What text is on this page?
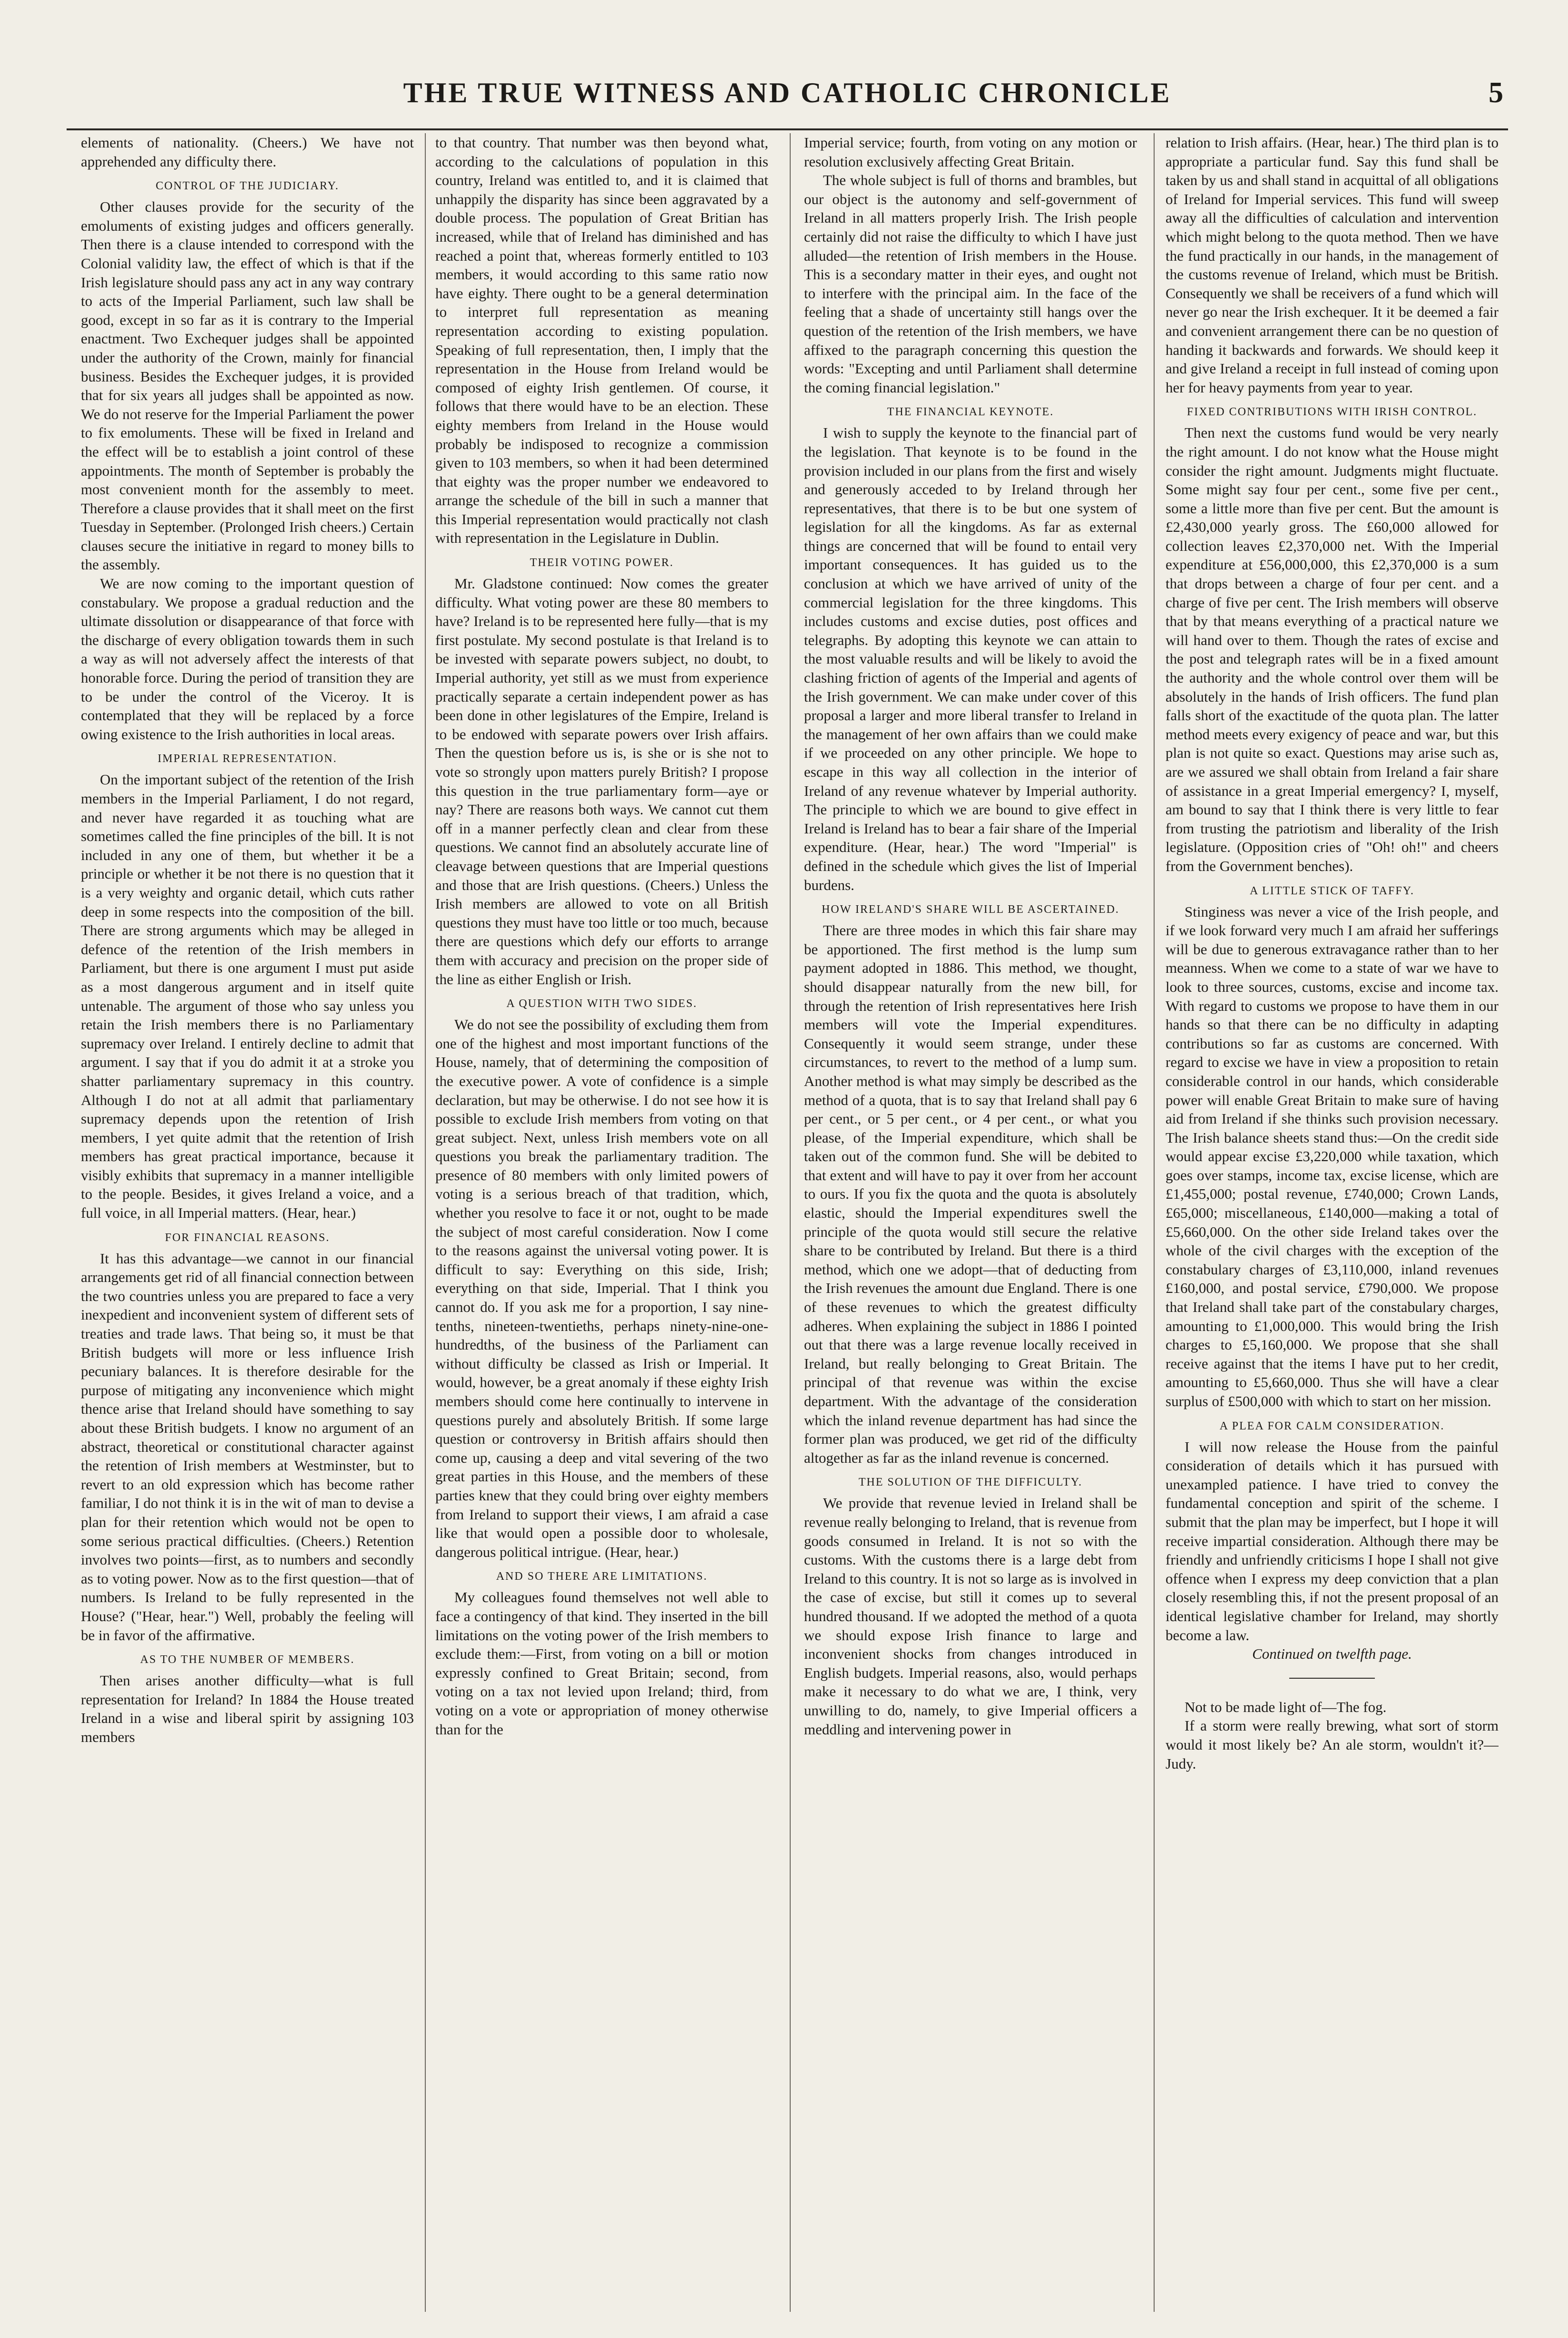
THE TRUE WITNESS AND CATHOLIC CHRONICLE	5

elements of nationality. (Cheers.) We have not apprehended any difficulty there.

CONTROL OF THE JUDICIARY.

Other clauses provide for the security of the emoluments of existing judges and officers generally. Then there is a clause intended to correspond with the Colonial validity law, the effect of which is that if the Irish legislature should pass any act in any way contrary to acts of the Imperial Parliament, such law shall be good, except in so far as it is contrary to the Imperial enactment. Two Exchequer judges shall be appointed under the authority of the Crown, mainly for financial business. Besides the Exchequer judges, it is provided that for six years all judges shall be appointed as now. We do not reserve for the Imperial Parliament the power to fix emoluments. These will be fixed in Ireland and the effect will be to establish a joint control of these appointments. The month of September is probably the most convenient month for the assembly to meet. Therefore a clause provides that it shall meet on the first Tuesday in September. (Prolonged Irish cheers.) Certain clauses secure the initiative in regard to money bills to the assembly.

We are now coming to the important question of constabulary. We propose a gradual reduction and the ultimate dissolution or disappearance of that force with the discharge of every obligation towards them in such a way as will not adversely affect the interests of that honorable force. During the period of transition they are to be under the control of the Viceroy. It is contemplated that they will be replaced by a force owing existence to the Irish authorities in local areas.

IMPERIAL REPRESENTATION.

On the important subject of the retention of the Irish members in the Imperial Parliament, I do not regard, and never have regarded it as touching what are sometimes called the fine principles of the bill. It is not included in any one of them, but whether it be a principle or whether it be not there is no question that it is a very weighty and organic detail, which cuts rather deep in some respects into the composition of the bill. There are strong arguments which may be alleged in defence of the retention of the Irish members in Parliament, but there is one argument I must put aside as a most dangerous argument and in itself quite untenable. The argument of those who say unless you retain the Irish members there is no Parliamentary supremacy over Ireland. I entirely decline to admit that argument. I say that if you do admit it at a stroke you shatter parliamentary supremacy in this country. Although I do not at all admit that parliamentary supremacy depends upon the retention of Irish members, I yet quite admit that the retention of Irish members has great practical importance, because it visibly exhibits that supremacy in a manner intelligible to the people. Besides, it gives Ireland a voice, and a full voice, in all Imperial matters. (Hear, hear.)

FOR FINANCIAL REASONS.

It has this advantage—we cannot in our financial arrangements get rid of all financial connection between the two countries unless you are prepared to face a very inexpedient and inconvenient system of different sets of treaties and trade laws. That being so, it must be that British budgets will more or less influence Irish pecuniary balances. It is therefore desirable for the purpose of mitigating any inconvenience which might thence arise that Ireland should have something to say about these British budgets. I know no argument of an abstract, theoretical or constitutional character against the retention of Irish members at Westminster, but to revert to an old expression which has become rather familiar, I do not think it is in the wit of man to devise a plan for their retention which would not be open to some serious practical difficulties. (Cheers.) Retention involves two points—first, as to numbers and secondly as to voting power. Now as to the first question—that of numbers. Is Ireland to be fully represented in the House? ("Hear, hear.") Well, probably the feeling will be in favor of the affirmative.

AS TO THE NUMBER OF MEMBERS.

Then arises another difficulty—what is full representation for Ireland? In 1884 the House treated Ireland in a wise and liberal spirit by assigning 103 members

to that country. That number was then beyond what, according to the calculations of population in this country, Ireland was entitled to, and it is claimed that unhappily the disparity has since been aggravated by a double process. The population of Great Britian has increased, while that of Ireland has diminished and has reached a point that, whereas formerly entitled to 103 members, it would according to this same ratio now have eighty. There ought to be a general determination to interpret full representation as meaning representation according to existing population. Speaking of full representation, then, I imply that the representation in the House from Ireland would be composed of eighty Irish gentlemen. Of course, it follows that there would have to be an election. These eighty members from Ireland in the House would probably be indisposed to recognize a commission given to 103 members, so when it had been determined that eighty was the proper number we endeavored to arrange the schedule of the bill in such a manner that this Imperial representation would practically not clash with representation in the Legislature in Dublin.

THEIR VOTING POWER.

Mr. Gladstone continued: Now comes the greater difficulty. What voting power are these 80 members to have? Ireland is to be represented here fully—that is my first postulate. My second postulate is that Ireland is to be invested with separate powers subject, no doubt, to Imperial authority, yet still as we must from experience practically separate a certain independent power as has been done in other legislatures of the Empire, Ireland is to be endowed with separate powers over Irish affairs. Then the question before us is, is she or is she not to vote so strongly upon matters purely British? I propose this question in the true parliamentary form—aye or nay? There are reasons both ways. We cannot cut them off in a manner perfectly clean and clear from these questions. We cannot find an absolutely accurate line of cleavage between questions that are Imperial questions and those that are Irish questions. (Cheers.) Unless the Irish members are allowed to vote on all British questions they must have too little or too much, because there are questions which defy our efforts to arrange them with accuracy and precision on the proper side of the line as either English or Irish.

A QUESTION WITH TWO SIDES.

We do not see the possibility of excluding them from one of the highest and most important functions of the House, namely, that of determining the composition of the executive power. A vote of confidence is a simple declaration, but may be otherwise. I do not see how it is possible to exclude Irish members from voting on that great subject. Next, unless Irish members vote on all questions you break the parliamentary tradition. The presence of 80 members with only limited powers of voting is a serious breach of that tradition, which, whether you resolve to face it or not, ought to be made the subject of most careful consideration. Now I come to the reasons against the universal voting power. It is difficult to say: Everything on this side, Irish; everything on that side, Imperial. That I think you cannot do. If you ask me for a proportion, I say nine-tenths, nineteen-twentieths, perhaps ninety-nine-one-hundredths, of the business of the Parliament can without difficulty be classed as Irish or Imperial. It would, however, be a great anomaly if these eighty Irish members should come here continually to intervene in questions purely and absolutely British. If some large question or controversy in British affairs should then come up, causing a deep and vital severing of the two great parties in this House, and the members of these parties knew that they could bring over eighty members from Ireland to support their views, I am afraid a case like that would open a possible door to wholesale, dangerous political intrigue. (Hear, hear.)

AND SO THERE ARE LIMITATIONS.

My colleagues found themselves not well able to face a contingency of that kind. They inserted in the bill limitations on the voting power of the Irish members to exclude them:—First, from voting on a bill or motion expressly confined to Great Britain; second, from voting on a tax not levied upon Ireland; third, from voting on a vote or appropriation of money otherwise than for the

Imperial service; fourth, from voting on any motion or resolution exclusively affecting Great Britain.

The whole subject is full of thorns and brambles, but our object is the autonomy and self-government of Ireland in all matters properly Irish. The Irish people certainly did not raise the difficulty to which I have just alluded—the retention of Irish members in the House. This is a secondary matter in their eyes, and ought not to interfere with the principal aim. In the face of the feeling that a shade of uncertainty still hangs over the question of the retention of the Irish members, we have affixed to the paragraph concerning this question the words: "Excepting and until Parliament shall determine the coming financial legislation."

THE FINANCIAL KEYNOTE.

I wish to supply the keynote to the financial part of the legislation. That keynote is to be found in the provision included in our plans from the first and wisely and generously acceded to by Ireland through her representatives, that there is to be but one system of legislation for all the kingdoms. As far as external things are concerned that will be found to entail very important consequences. It has guided us to the conclusion at which we have arrived of unity of the commercial legislation for the three kingdoms. This includes customs and excise duties, post offices and telegraphs. By adopting this keynote we can attain to the most valuable results and will be likely to avoid the clashing friction of agents of the Imperial and agents of the Irish government. We can make under cover of this proposal a larger and more liberal transfer to Ireland in the management of her own affairs than we could make if we proceeded on any other principle. We hope to escape in this way all collection in the interior of Ireland of any revenue whatever by Imperial authority. The principle to which we are bound to give effect in Ireland is Ireland has to bear a fair share of the Imperial expenditure. (Hear, hear.) The word "Imperial" is defined in the schedule which gives the list of Imperial burdens.

HOW IRELAND'S SHARE WILL BE ASCERTAINED.

There are three modes in which this fair share may be apportioned. The first method is the lump sum payment adopted in 1886. This method, we thought, should disappear naturally from the new bill, for through the retention of Irish representatives here Irish members will vote the Imperial expenditures. Consequently it would seem strange, under these circumstances, to revert to the method of a lump sum. Another method is what may simply be described as the method of a quota, that is to say that Ireland shall pay 6 per cent., or 5 per cent., or 4 per cent., or what you please, of the Imperial expenditure, which shall be taken out of the common fund. She will be debited to that extent and will have to pay it over from her account to ours. If you fix the quota and the quota is absolutely elastic, should the Imperial expenditures swell the principle of the quota would still secure the relative share to be contributed by Ireland. But there is a third method, which one we adopt—that of deducting from the Irish revenues the amount due England. There is one of these revenues to which the greatest difficulty adheres. When explaining the subject in 1886 I pointed out that there was a large revenue locally received in Ireland, but really belonging to Great Britain. The principal of that revenue was within the excise department. With the advantage of the consideration which the inland revenue department has had since the former plan was produced, we get rid of the difficulty altogether as far as the inland revenue is concerned.

THE SOLUTION OF THE DIFFICULTY.

We provide that revenue levied in Ireland shall be revenue really belonging to Ireland, that is revenue from goods consumed in Ireland. It is not so with the customs. With the customs there is a large debt from Ireland to this country. It is not so large as is involved in the case of excise, but still it comes up to several hundred thousand. If we adopted the method of a quota we should expose Irish finance to large and inconvenient shocks from changes introduced in English budgets. Imperial reasons, also, would perhaps make it necessary to do what we are, I think, very unwilling to do, namely, to give Imperial officers a meddling and intervening power in

relation to Irish affairs. (Hear, hear.) The third plan is to appropriate a particular fund. Say this fund shall be taken by us and shall stand in acquittal of all obligations of Ireland for Imperial services. This fund will sweep away all the difficulties of calculation and intervention which might belong to the quota method. Then we have the fund practically in our hands, in the management of the customs revenue of Ireland, which must be British. Consequently we shall be receivers of a fund which will never go near the Irish exchequer. It it be deemed a fair and convenient arrangement there can be no question of handing it backwards and forwards. We should keep it and give Ireland a receipt in full instead of coming upon her for heavy payments from year to year.

FIXED CONTRIBUTIONS WITH IRISH CONTROL.

Then next the customs fund would be very nearly the right amount. I do not know what the House might consider the right amount. Judgments might fluctuate. Some might say four per cent., some five per cent., some a little more than five per cent. But the amount is £2,430,000 yearly gross. The £60,000 allowed for collection leaves £2,370,000 net. With the Imperial expenditure at £56,000,000, this £2,370,000 is a sum that drops between a charge of four per cent. and a charge of five per cent. The Irish members will observe that by that means everything of a practical nature we will hand over to them. Though the rates of excise and the post and telegraph rates will be in a fixed amount the authority and the whole control over them will be absolutely in the hands of Irish officers. The fund plan falls short of the exactitude of the quota plan. The latter method meets every exigency of peace and war, but this plan is not quite so exact. Questions may arise such as, are we assured we shall obtain from Ireland a fair share of assistance in a great Imperial emergency? I, myself, am bound to say that I think there is very little to fear from trusting the patriotism and liberality of the Irish legislature. (Opposition cries of "Oh! oh!" and cheers from the Government benches).

A LITTLE STICK OF TAFFY.

Stinginess was never a vice of the Irish people, and if we look forward very much I am afraid her sufferings will be due to generous extravagance rather than to her meanness. When we come to a state of war we have to look to three sources, customs, excise and income tax. With regard to customs we propose to have them in our hands so that there can be no difficulty in adapting contributions so far as customs are concerned. With regard to excise we have in view a proposition to retain considerable control in our hands, which considerable power will enable Great Britain to make sure of having aid from Ireland if she thinks such provision necessary. The Irish balance sheets stand thus:—On the credit side would appear excise £3,220,000 while taxation, which goes over stamps, income tax, excise license, which are £1,455,000; postal revenue, £740,000; Crown Lands, £65,000; miscellaneous, £140,000—making a total of £5,660,000. On the other side Ireland takes over the whole of the civil charges with the exception of the constabulary charges of £3,110,000, inland revenues £160,000, and postal service, £790,000. We propose that Ireland shall take part of the constabulary charges, amounting to £1,000,000. This would bring the Irish charges to £5,160,000. We propose that she shall receive against that the items I have put to her credit, amounting to £5,660,000. Thus she will have a clear surplus of £500,000 with which to start on her mission.

A PLEA FOR CALM CONSIDERATION.

I will now release the House from the painful consideration of details which it has pursued with unexampled patience. I have tried to convey the fundamental conception and spirit of the scheme. I submit that the plan may be imperfect, but I hope it will receive impartial consideration. Although there may be friendly and unfriendly criticisms I hope I shall not give offence when I express my deep conviction that a plan closely resembling this, if not the present proposal of an identical legislative chamber for Ireland, may shortly become a law.

Continued on twelfth page.

Not to be made light of—The fog.

If a storm were really brewing, what sort of storm would it most likely be? An ale storm, wouldn't it?—Judy.
